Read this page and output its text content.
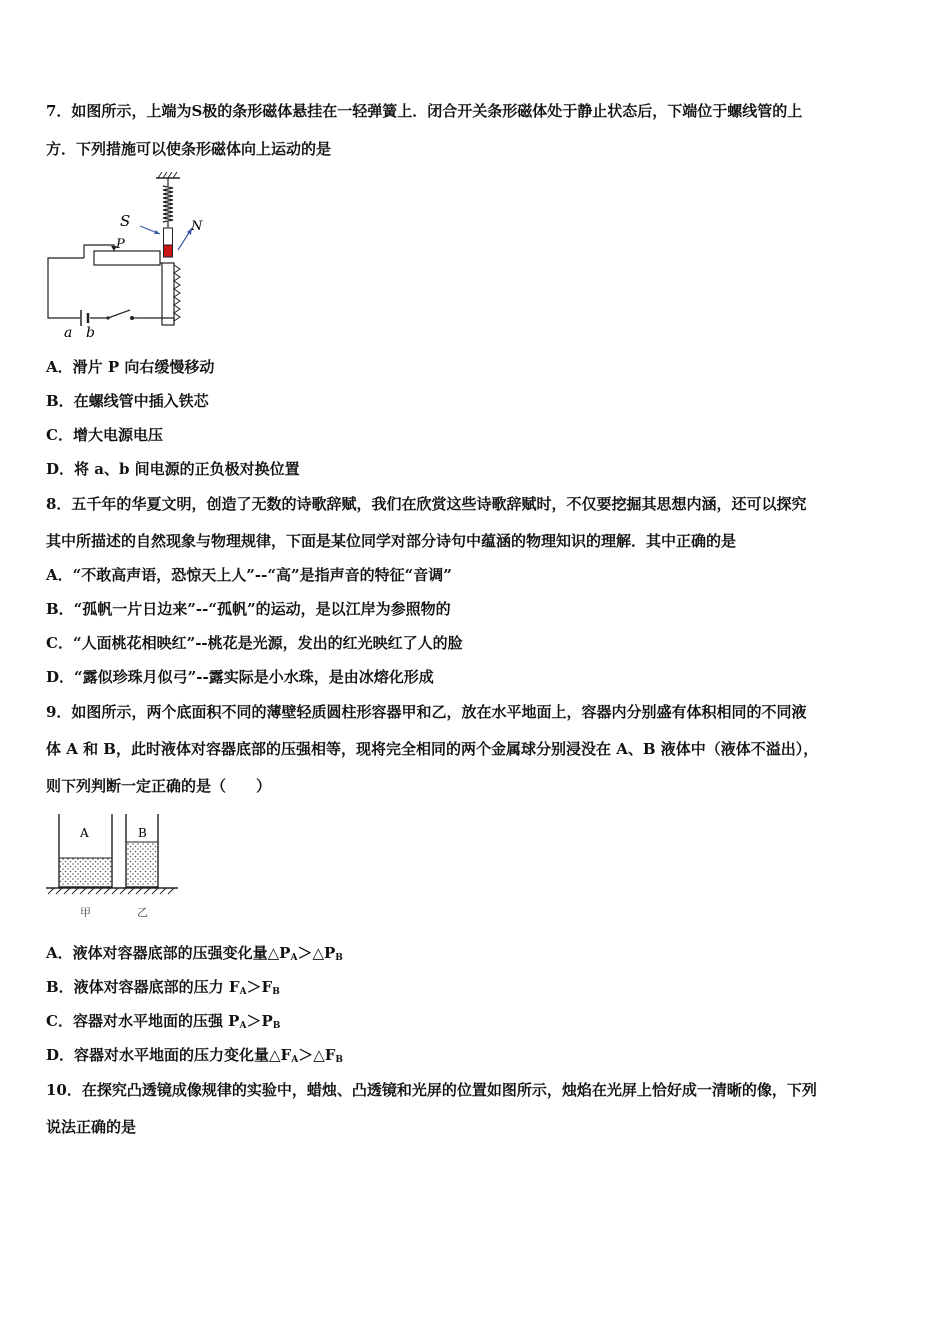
7．如图所示，上端为S极的条形磁体悬挂在一轻弹簧上．闭合开关条形磁体处于静止状态后，下端位于螺线管的上
方．下列措施可以使条形磁体向上运动的是
S	N
P
a b
A．滑片 P 向右缓慢移动
B．在螺线管中插入铁芯
C．增大电源电压
D．将 a、b 间电源的正负极对换位置
8．五千年的华夏文明，创造了无数的诗歌辞赋，我们在欣赏这些诗歌辞赋时，不仅要挖掘其思想内涵，还可以探究
其中所描述的自然现象与物理规律，下面是某位同学对部分诗句中蕴涵的物理知识的理解．其中正确的是
A．“不敢高声语，恐惊天上人”--“高”是指声音的特征“音调”
B．“孤帆一片日边来”--“孤帆”的运动，是以江岸为参照物的
C．“人面桃花相映红”--桃花是光源，发出的红光映红了人的脸
D．“露似珍珠月似弓”--露实际是小水珠，是由冰熔化形成
9．如图所示，两个底面积不同的薄壁轻质圆柱形容器甲和乙，放在水平地面上，容器内分别盛有体积相同的不同液
体 A 和 B，此时液体对容器底部的压强相等，现将完全相同的两个金属球分别浸没在 A、B 液体中（液体不溢出），
则下列判断一定正确的是（　　）
A	B
甲	乙
A．液体对容器底部的压强变化量$\triangle P_A>\triangle P_B$
B．液体对容器底部的压力 $F_A>F_B$
C．容器对水平地面的压强 $P_A>P_B$
D．容器对水平地面的压力变化量$\triangle F_A>\triangle F_B$
10．在探究凸透镜成像规律的实验中，蜡烛、凸透镜和光屏的位置如图所示，烛焰在光屏上恰好成一清晰的像，下列
说法正确的是
